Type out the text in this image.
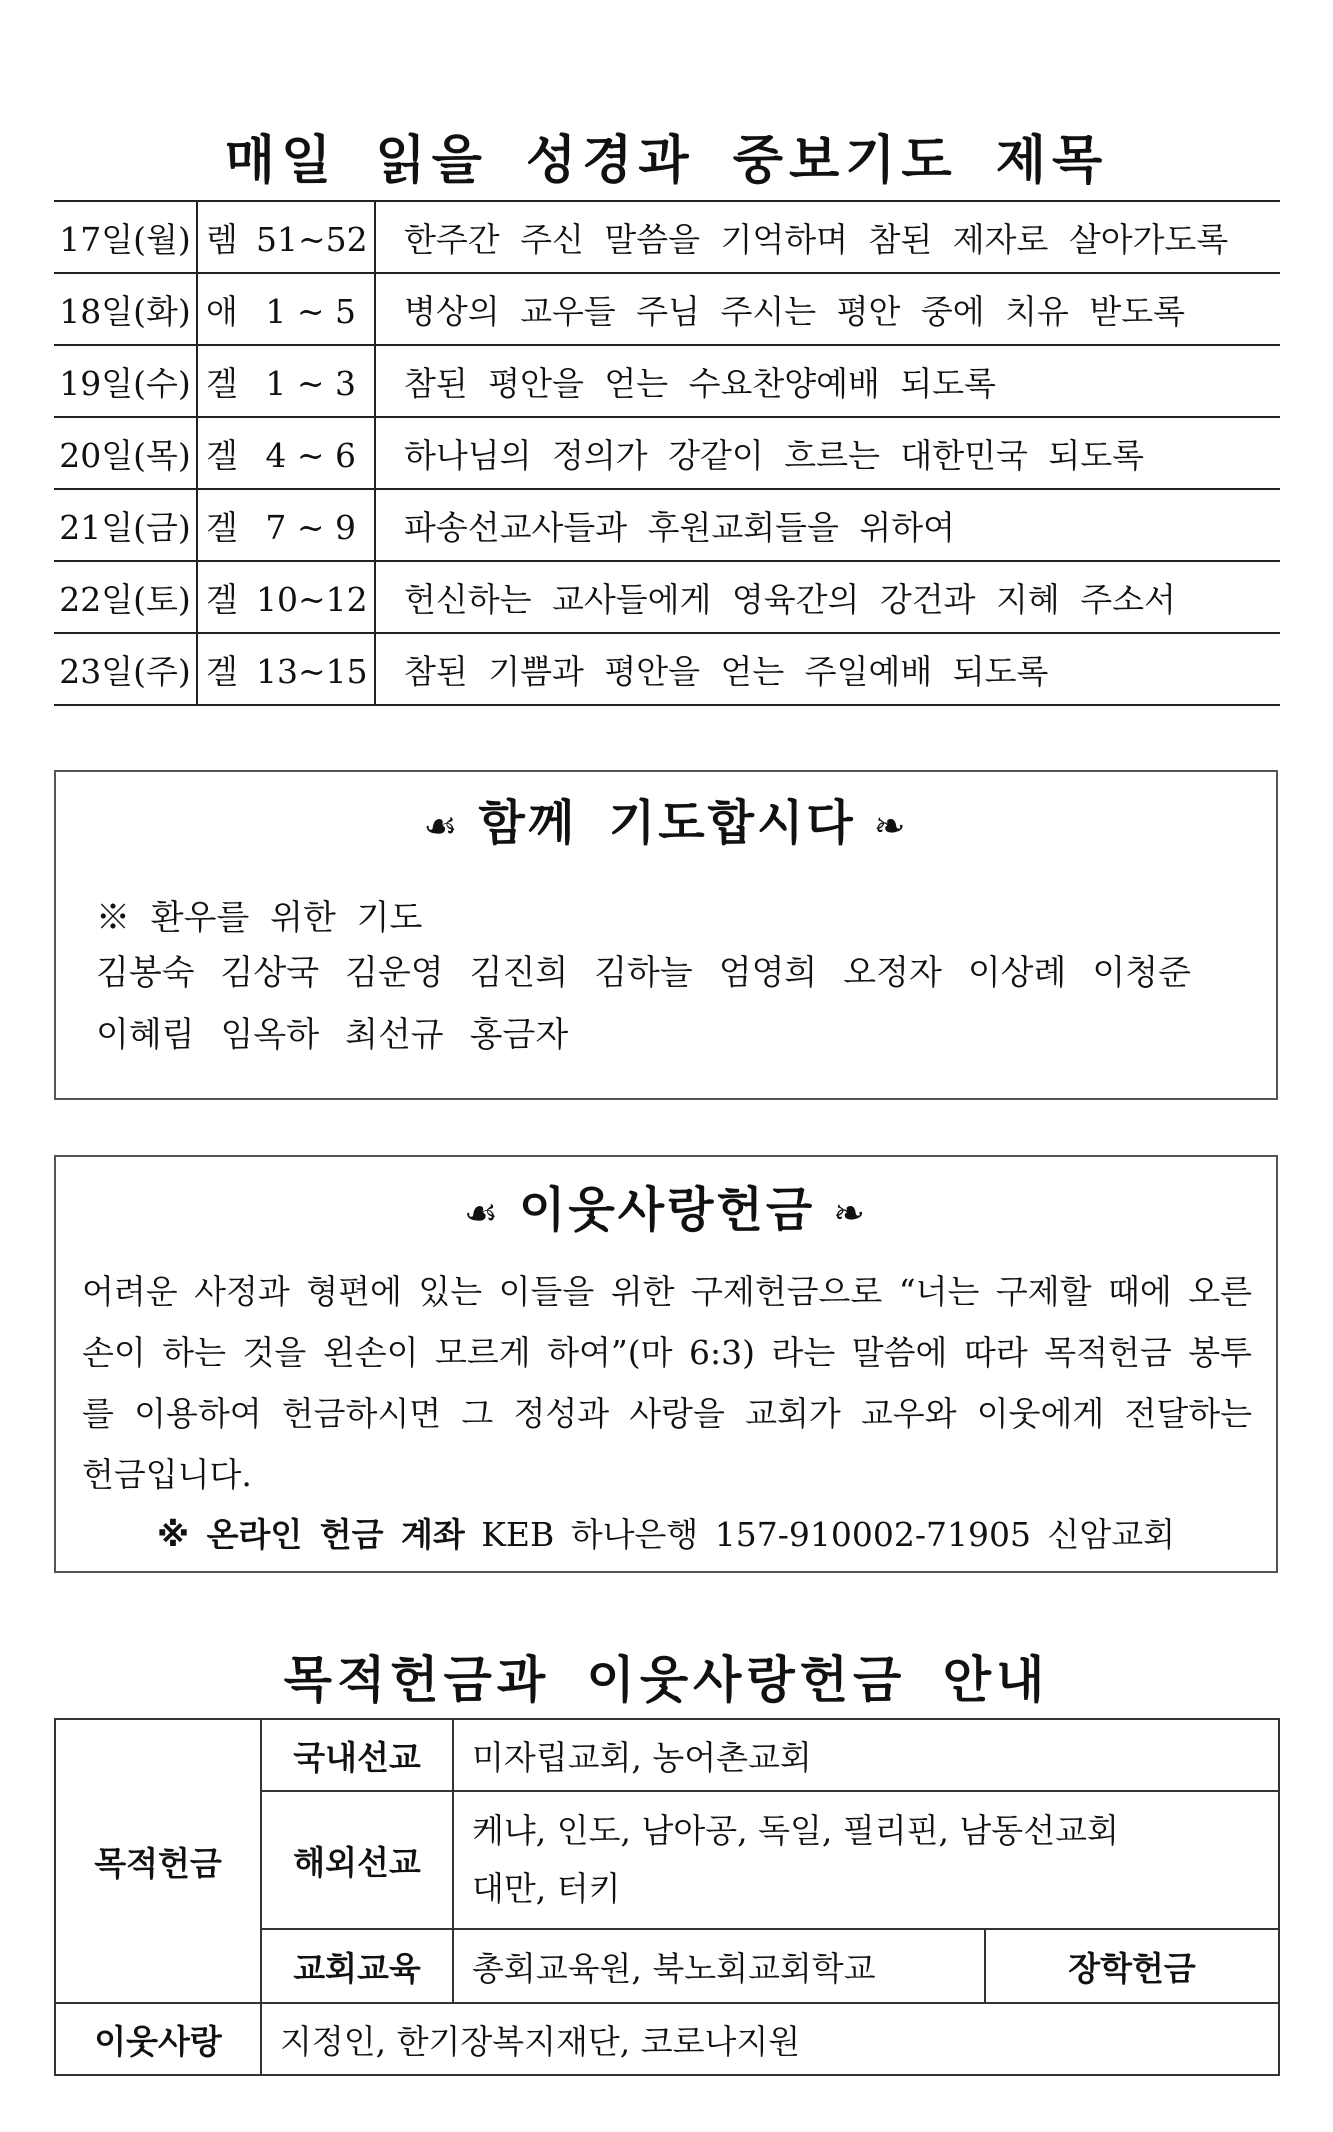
매일 읽을 성경과 중보기도 제목
17일(월)	렘 51~52	한주간 주신 말씀을 기억하며 참된 제자로 살아가도록
18일(화)	애 1 ~ 5	병상의 교우들 주님 주시는 평안 중에 치유 받도록
19일(수)	겔 1 ~ 3	참된 평안을 얻는 수요찬양예배 되도록
20일(목)	겔 4 ~ 6	하나님의 정의가 강같이 흐르는 대한민국 되도록
21일(금)	겔 7 ~ 9	파송선교사들과 후원교회들을 위하여
22일(토)	겔 10~12	헌신하는 교사들에게 영육간의 강건과 지혜 주소서
23일(주)	겔 13~15	참된 기쁨과 평안을 얻는 주일예배 되도록
☙ 함께 기도합시다 ❧
※ 환우를 위한 기도
김봉숙 김상국 김운영 김진희 김하늘 엄영희 오정자 이상례 이청준이혜림 임옥하 최선규 홍금자
☙ 이웃사랑헌금 ❧
어려운 사정과 형편에 있는 이들을 위한 구제헌금으로 “너는 구제할 때에 오른손이 하는 것을 왼손이 모르게 하여”(마 6:3) 라는 말씀에 따라 목적헌금 봉투를 이용하여 헌금하시면 그 정성과 사랑을 교회가 교우와 이웃에게 전달하는 헌금입니다.
※ 온라인 헌금 계좌 KEB 하나은행 157-910002-71905 신암교회
목적헌금과 이웃사랑헌금 안내
목적헌금	국내선교	미자립교회, 농어촌교회	
	해외선교	케냐, 인도, 남아공, 독일, 필리핀, 남동선교회
대만, 터키	

	교회교육	총회교육원, 북노회교회학교	장학헌금
이웃사랑	지정인, 한기장복지재단, 코로나지원		
